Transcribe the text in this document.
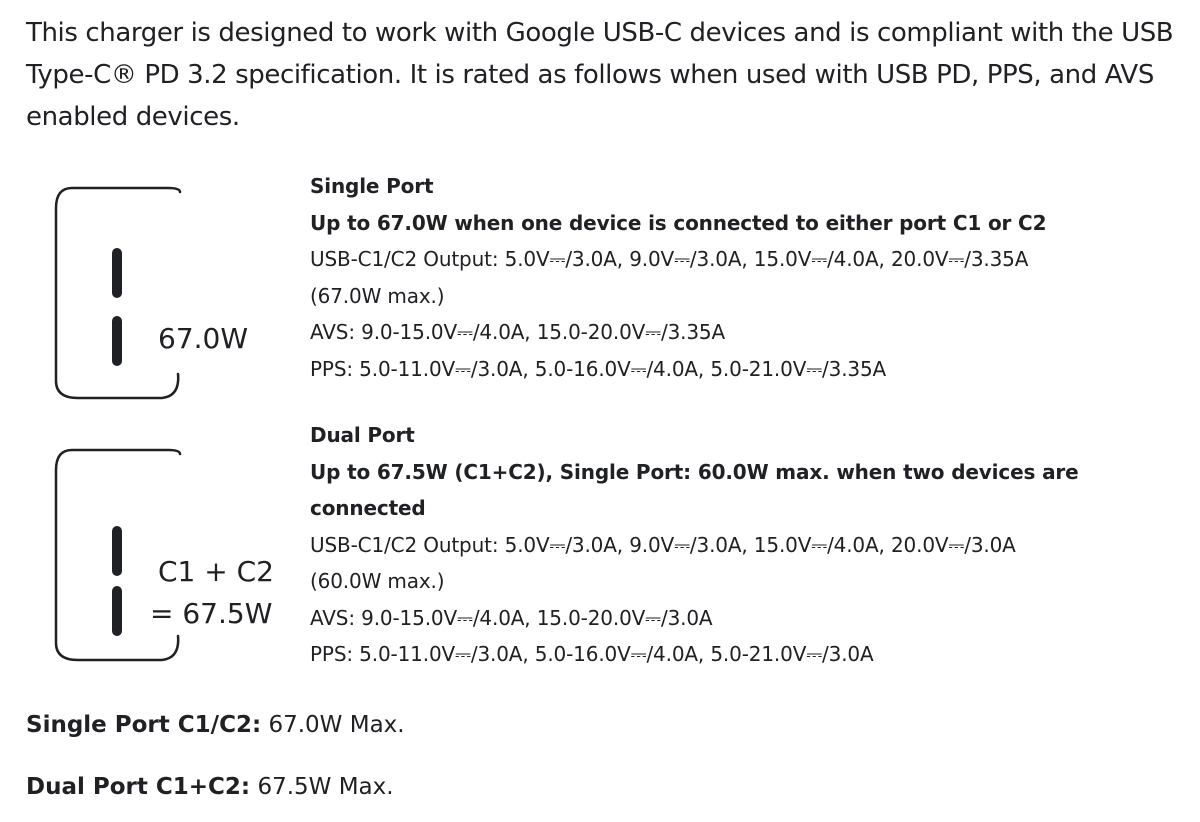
This charger is designed to work with Google USB-C devices and is compliant with the USB Type-C® PD 3.2 specification. It is rated as follows when used with USB PD, PPS, and AVS enabled devices.

67.0W
Single Port
Up to 67.0W when one device is connected to either port C1 or C2
USB-C1/C2 Output: 5.0V⎓/3.0A, 9.0V⎓/3.0A, 15.0V⎓/4.0A, 20.0V⎓/3.35A
(67.0W max.)
AVS: 9.0-15.0V⎓/4.0A, 15.0-20.0V⎓/3.35A
PPS: 5.0-11.0V⎓/3.0A, 5.0-16.0V⎓/4.0A, 5.0-21.0V⎓/3.35A
C1 + C2
= 67.5W
Dual Port
Up to 67.5W (C1+C2), Single Port: 60.0W max. when two devices are connected
USB-C1/C2 Output: 5.0V⎓/3.0A, 9.0V⎓/3.0A, 15.0V⎓/4.0A, 20.0V⎓/3.0A
(60.0W max.)
AVS: 9.0-15.0V⎓/4.0A, 15.0-20.0V⎓/3.0A
PPS: 5.0-11.0V⎓/3.0A, 5.0-16.0V⎓/4.0A, 5.0-21.0V⎓/3.0A
Single Port C1/C2: 67.0W Max.
Dual Port C1+C2: 67.5W Max.
